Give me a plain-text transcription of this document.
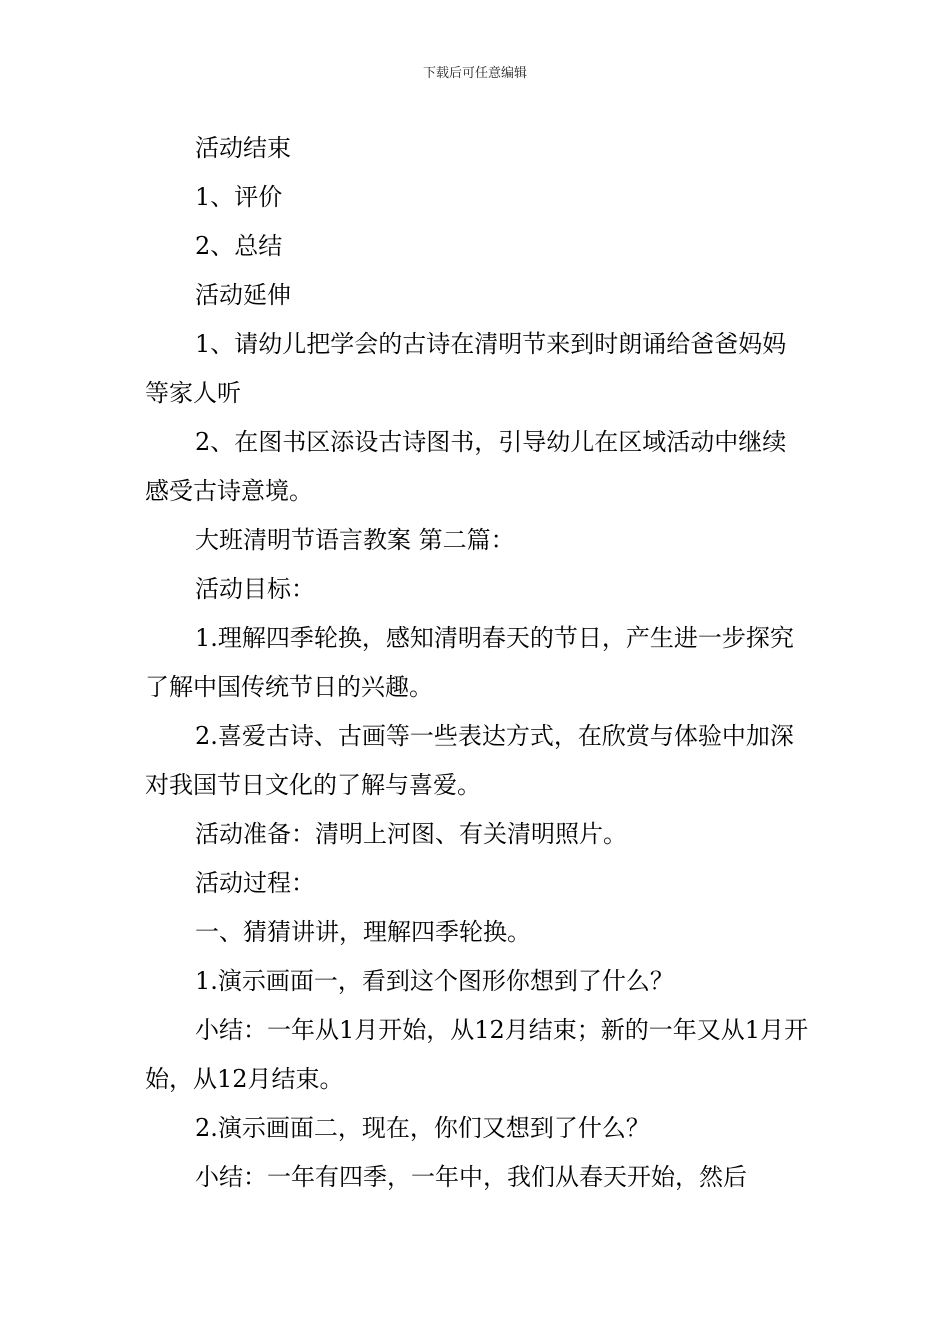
下载后可任意编辑

活动结束

1、评价

2、总结

活动延伸

1、请幼儿把学会的古诗在清明节来到时朗诵给爸爸妈妈等家人听

2、在图书区添设古诗图书，引导幼儿在区域活动中继续感受古诗意境。

大班清明节语言教案 第二篇：

活动目标：

1.理解四季轮换，感知清明春天的节日，产生进一步探究了解中国传统节日的兴趣。

2.喜爱古诗、古画等一些表达方式，在欣赏与体验中加深对我国节日文化的了解与喜爱。

活动准备：清明上河图、有关清明照片。

活动过程：

一、猜猜讲讲，理解四季轮换。

1.演示画面一，看到这个图形你想到了什么？

小结：一年从1月开始，从12月结束；新的一年又从1月开始，从12月结束。

2.演示画面二，现在，你们又想到了什么？

小结：一年有四季，一年中，我们从春天开始，然后
